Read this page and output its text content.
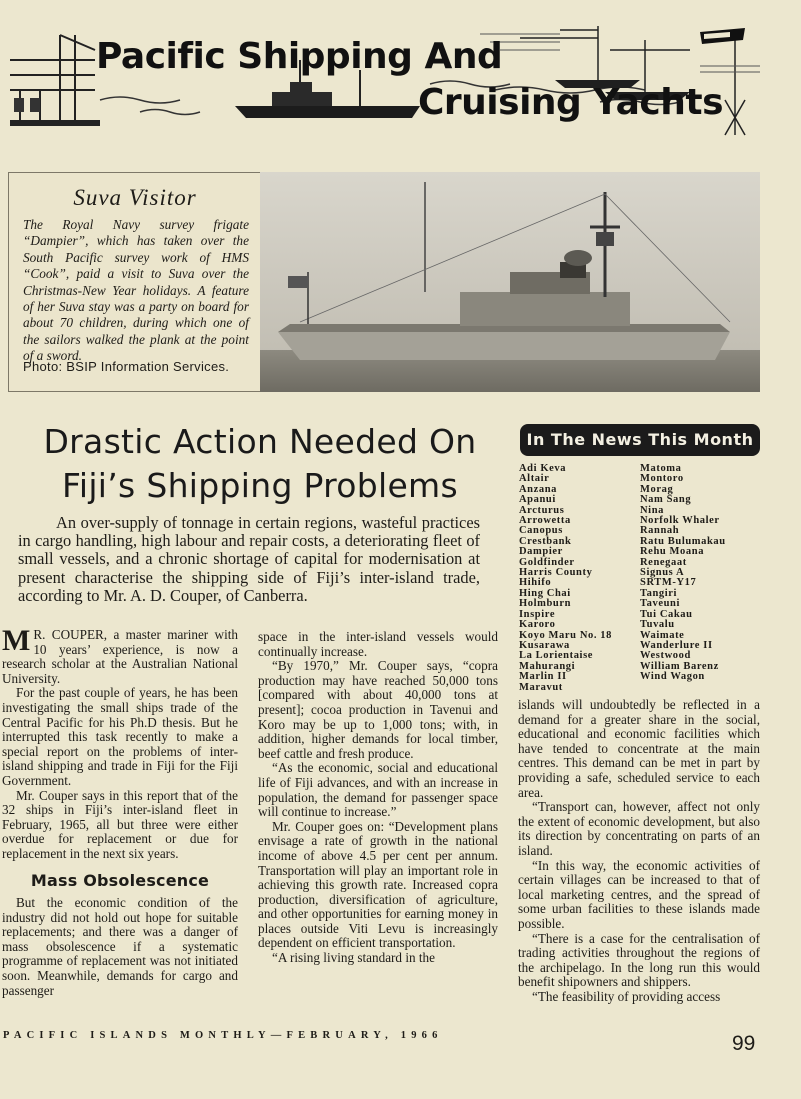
Pacific Shipping And
Cruising Yachts
Suva Visitor
The Royal Navy survey frigate “Dampier”, which has taken over the South Pacific survey work of HMS “Cook”, paid a visit to Suva over the Christmas-New Year holidays. A feature of her Suva stay was a party on board for about 70 children, during which one of the sailors walked the plank at the point of a sword.
Photo: BSIP Information Services.
Drastic Action Needed On Fiji’s Shipping Problems
An over-supply of tonnage in certain regions, wasteful practices in cargo handling, high labour and repair costs, a deteriorating fleet of small vessels, and a chronic shortage of capital for modernisation at present characterise the shipping side of Fiji’s inter-island trade, according to Mr. A. D. Couper, of Canberra.

M R. COUPER, a master mariner with 10 years’ experience, is now a research scholar at the Australian National University.

For the past couple of years, he has been investigating the small ships trade of the Central Pacific for his Ph.D thesis. But he interrupted this task recently to make a special report on the problems of inter-island shipping and trade in Fiji for the Fiji Government.

Mr. Couper says in this report that of the 32 ships in Fiji’s inter-island fleet in February, 1965, all but three were either overdue for replacement or due for replacement in the next six years.

Mass Obsolescence

But the economic condition of the industry did not hold out hope for suitable replacements; and there was a danger of mass obsolescence if a systematic programme of replacement was not initiated soon. Meanwhile, demands for cargo and passenger

space in the inter-island vessels would continually increase.

“By 1970,” Mr. Couper says, “copra production may have reached 50,000 tons [compared with about 40,000 tons at present]; cocoa production in Tavenui and Koro may be up to 1,000 tons; with, in addition, higher demands for local timber, beef cattle and fresh produce.

“As the economic, social and educational life of Fiji advances, and with an increase in population, the demand for passenger space will continue to increase.”

Mr. Couper goes on: “Development plans envisage a rate of growth in the national income of above 4.5 per cent per annum. Transportation will play an important role in achieving this growth rate. Increased copra production, diversification of agriculture, and other opportunities for earning money in places outside Viti Levu is increasingly dependent on efficient transportation.

“A rising living standard in the

In The News This Month
Adi Keva
Altair
Anzana
Apanui
Arcturus
Arrowetta
Canopus
Crestbank
Dampier
Goldfinder
Harris County
Hihifo
Hing Chai
Holmburn
Inspire
Karoro
Koyo Maru No. 18
Kusarawa
La Lorientaise
Mahurangi
Marlin II
Maravut
Matoma
Montoro
Morag
Nam Sang
Nina
Norfolk Whaler
Rannah
Ratu Bulumakau
Rehu Moana
Renegaat
Signus A
SRTM-Y17
Tangiri
Taveuni
Tui Cakau
Tuvalu
Waimate
Wanderlure II
Westwood
William Barenz
Wind Wagon

islands will undoubtedly be reflected in a demand for a greater share in the social, educational and economic facilities which have tended to concentrate at the main centres. This demand can be met in part by providing a safe, scheduled service to each area.

“Transport can, however, affect not only the extent of economic development, but also its direction by concentrating on parts of an island.

“In this way, the economic activities of certain villages can be increased to that of local marketing centres, and the spread of some urban facilities to these islands made possible.

“There is a case for the centralisation of trading activities throughout the regions of the archipelago. In the long run this would benefit shipowners and shippers.

“The feasibility of providing access

PACIFIC ISLANDS MONTHLY—FEBRUARY, 1966	99
